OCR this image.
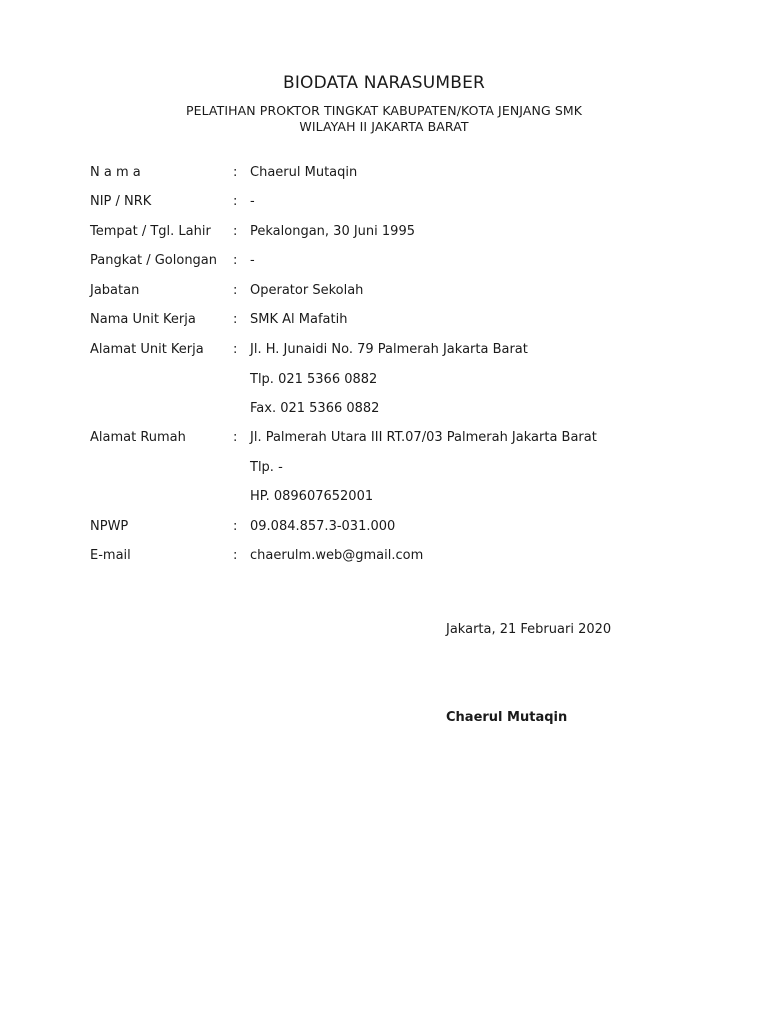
BIODATA NARASUMBER
PELATIHAN PROKTOR TINGKAT KABUPATEN/KOTA JENJANG SMK
WILAYAH II JAKARTA BARAT
N a m a	: Chaerul Mutaqin
NIP / NRK	: -
Tempat / Tgl. Lahir : Pekalongan, 30 Juni 1995
Pangkat / Golongan : -
Jabatan	: Operator Sekolah
Nama Unit Kerja	: SMK Al Mafatih
Alamat Unit Kerja : Jl. H. Junaidi No. 79 Palmerah Jakarta Barat
Tlp. 021 5366 0882
Fax. 021 5366 0882
Alamat Rumah	: Jl. Palmerah Utara III RT.07/03 Palmerah Jakarta Barat
Tlp. -
HP. 089607652001
NPWP	: 09.084.857.3-031.000
E-mail	: chaerulm.web@gmail.com
Jakarta, 21 Februari 2020
Chaerul Mutaqin
